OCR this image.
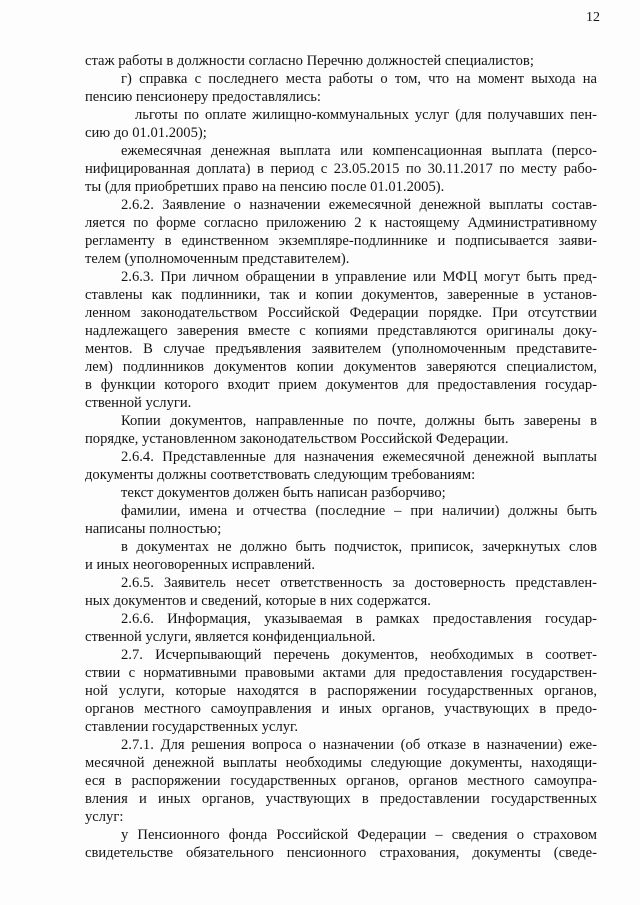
12
стаж работы в должности согласно Перечню должностей специалистов;
г) справка с последнего места работы о том, что на момент выхода на
пенсию пенсионеру предоставлялись:
льготы по оплате жилищно-коммунальных услуг (для получавших пен-
сию до 01.01.2005);
ежемесячная денежная выплата или компенсационная выплата (персо-
нифицированная доплата) в период с 23.05.2015 по 30.11.2017 по месту рабо-
ты (для приобретших право на пенсию после 01.01.2005).
2.6.2. Заявление о назначении ежемесячной денежной выплаты состав-
ляется по форме согласно приложению 2 к настоящему Административному
регламенту в единственном экземпляре-подлиннике и подписывается заяви-
телем (уполномоченным представителем).
2.6.3. При личном обращении в управление или МФЦ могут быть пред-
ставлены как подлинники, так и копии документов, заверенные в установ-
ленном законодательством Российской Федерации порядке. При отсутствии
надлежащего заверения вместе с копиями представляются оригиналы доку-
ментов. В случае предъявления заявителем (уполномоченным представите-
лем) подлинников документов копии документов заверяются специалистом,
в функции которого входит прием документов для предоставления государ-
ственной услуги.
Копии документов, направленные по почте, должны быть заверены в
порядке, установленном законодательством Российской Федерации.
2.6.4. Представленные для назначения ежемесячной денежной выплаты
документы должны соответствовать следующим требованиям:
текст документов должен быть написан разборчиво;
фамилии, имена и отчества (последние – при наличии) должны быть
написаны полностью;
в документах не должно быть подчисток, приписок, зачеркнутых слов
и иных неоговоренных исправлений.
2.6.5. Заявитель несет ответственность за достоверность представлен-
ных документов и сведений, которые в них содержатся.
2.6.6. Информация, указываемая в рамках предоставления государ-
ственной услуги, является конфиденциальной.
2.7. Исчерпывающий перечень документов, необходимых в соответ-
ствии с нормативными правовыми актами для предоставления государствен-
ной услуги, которые находятся в распоряжении государственных органов,
органов местного самоуправления и иных органов, участвующих в предо-
ставлении государственных услуг.
2.7.1. Для решения вопроса о назначении (об отказе в назначении) еже-
месячной денежной выплаты необходимы следующие документы, находящи-
еся в распоряжении государственных органов, органов местного самоупра-
вления и иных органов, участвующих в предоставлении государственных
услуг:
у Пенсионного фонда Российской Федерации – сведения о страховом
свидетельстве обязательного пенсионного страхования, документы (сведе-
